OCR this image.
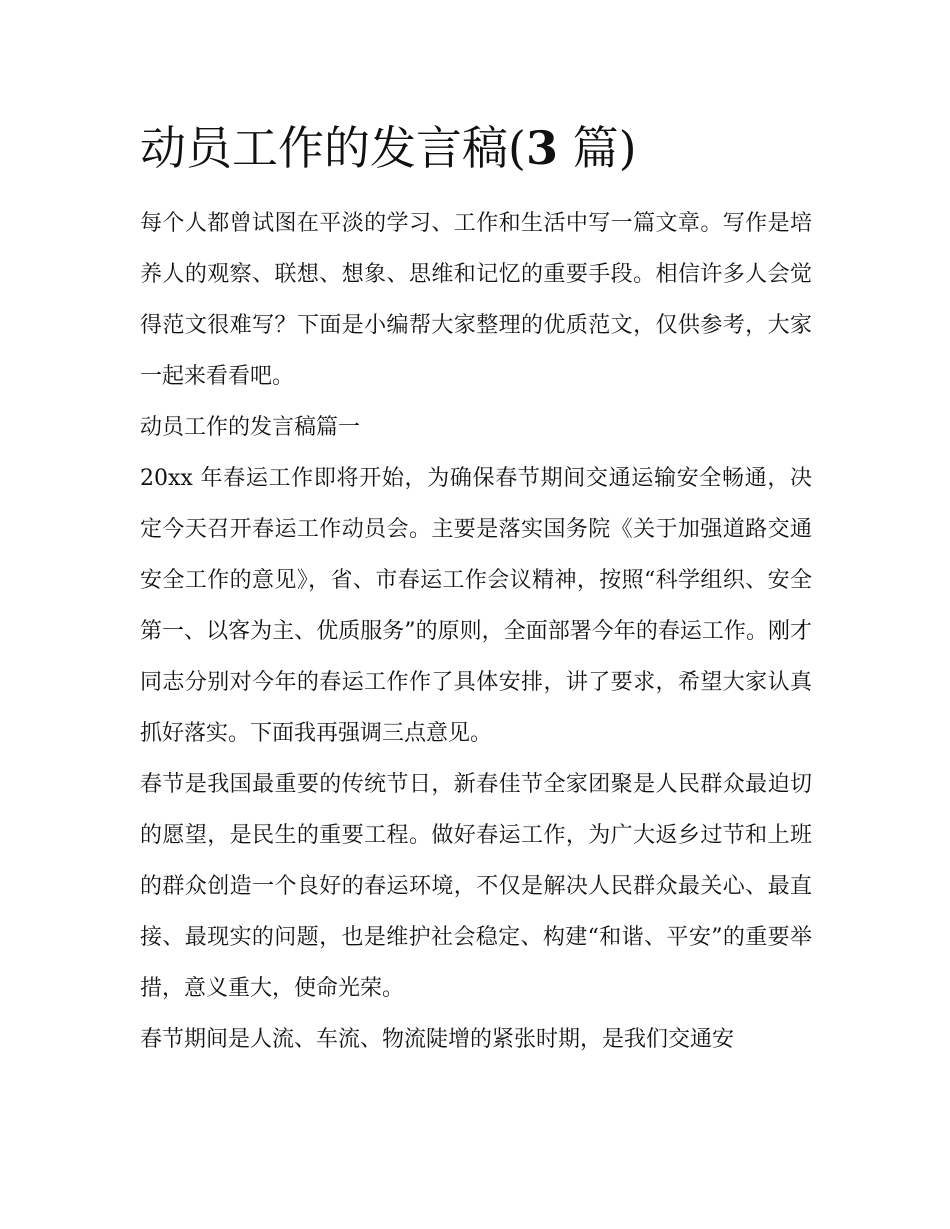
动员工作的发言稿(3 篇)

每个人都曾试图在平淡的学习、工作和生活中写一篇文章。写作是培养人的观察、联想、想象、思维和记忆的重要手段。相信许多人会觉得范文很难写？下面是小编帮大家整理的优质范文，仅供参考，大家一起来看看吧。

动员工作的发言稿篇一

20xx 年春运工作即将开始，为确保春节期间交通运输安全畅通，决定今天召开春运工作动员会。主要是落实国务院《关于加强道路交通安全工作的意见》，省、市春运工作会议精神，按照“科学组织、安全第一、以客为主、优质服务”的原则，全面部署今年的春运工作。刚才同志分别对今年的春运工作作了具体安排，讲了要求，希望大家认真抓好落实。下面我再强调三点意见。

春节是我国最重要的传统节日，新春佳节全家团聚是人民群众最迫切的愿望，是民生的重要工程。做好春运工作，为广大返乡过节和上班的群众创造一个良好的春运环境，不仅是解决人民群众最关心、最直接、最现实的问题，也是维护社会稳定、构建“和谐、平安”的重要举措，意义重大，使命光荣。

春节期间是人流、车流、物流陡增的紧张时期，是我们交通安
